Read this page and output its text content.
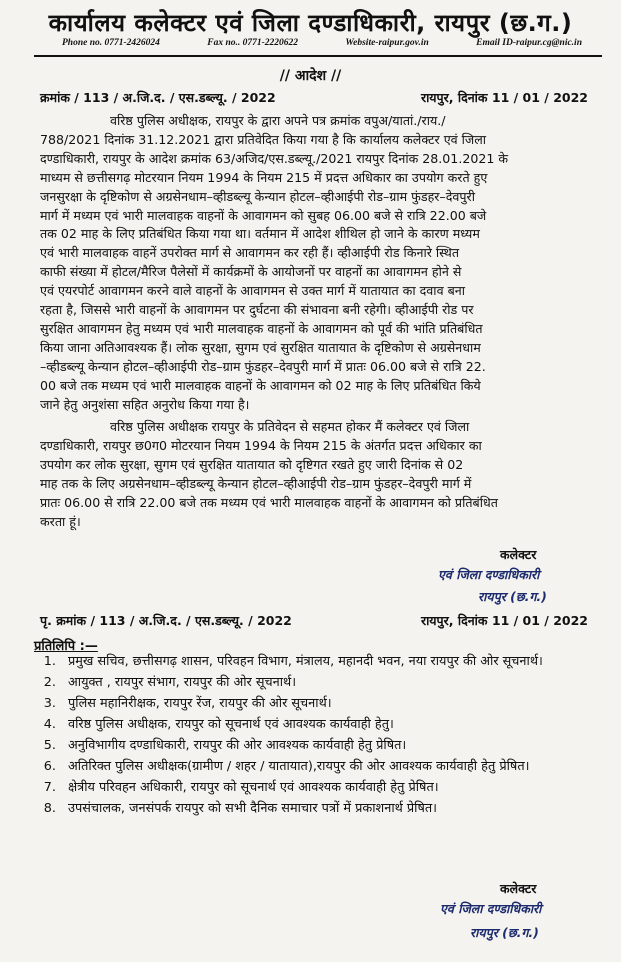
कार्यालय कलेक्टर एवं जिला दण्डाधिकारी, रायपुर (छ.ग.)
Phone no. 0771-2426024	Fax no.. 0771-2220622	Website-raipur.gov.in	Email ID-raipur.cg@nic.in
// आदेश //
क्रमांक / 113 / अ.जि.द. / एस.डब्ल्यू. / 2022	रायपुर, दिनांक 11 / 01 / 2022
वरिष्ठ पुलिस अधीक्षक, रायपुर के द्वारा अपने पत्र क्रमांक वपुअ/यातां./राय./
788/2021 दिनांक 31.12.2021 द्वारा प्रतिवेदित किया गया है कि कार्यालय कलेक्टर एवं जिला
दण्डाधिकारी, रायपुर के आदेश क्रमांक 63/अजिद/एस.डब्ल्यू./2021 रायपुर दिनांक 28.01.2021 के
माध्यम से छत्तीसगढ़ मोटरयान नियम 1994 के नियम 215 में प्रदत्त अधिकार का उपयोग करते हुए
जनसुरक्षा के दृष्टिकोण से अग्रसेनधाम–व्हीडब्ल्यू केन्यान होटल–व्हीआईपी रोड–ग्राम फुंडहर–देवपुरी
मार्ग में मध्यम एवं भारी मालवाहक वाहनों के आवागमन को सुबह 06.00 बजे से रात्रि 22.00 बजे
तक 02 माह के लिए प्रतिबंधित किया गया था। वर्तमान में आदेश शीथिल हो जाने के कारण मध्यम
एवं भारी मालवाहक वाहनें उपरोक्त मार्ग से आवागमन कर रही हैं। व्हीआईपी रोड किनारे स्थित
काफी संख्या में होटल/मैरिज पैलेसों में कार्यक्रमों के आयोजनों पर वाहनों का आवागमन होने से
एवं एयरपोर्ट आवागमन करने वाले वाहनों के आवागमन से उक्त मार्ग में यातायात का दवाव बना
रहता है, जिससे भारी वाहनों के आवागमन पर दुर्घटना की संभावना बनी रहेगी। व्हीआईपी रोड पर
सुरक्षित आवागमन हेतु मध्यम एवं भारी मालवाहक वाहनों के आवागमन को पूर्व की भांति प्रतिबंधित
किया जाना अतिआवश्यक हैं। लोक सुरक्षा, सुगम एवं सुरक्षित यातायात के दृष्टिकोण से अग्रसेनधाम
–व्हीडब्ल्यू केन्यान होटल–व्हीआईपी रोड–ग्राम फुंडहर–देवपुरी मार्ग में प्रातः 06.00 बजे से रात्रि 22.
00 बजे तक मध्यम एवं भारी मालवाहक वाहनों के आवागमन को 02 माह के लिए प्रतिबंधित किये
जाने हेतु अनुशंसा सहित अनुरोध किया गया है।
वरिष्ठ पुलिस अधीक्षक रायपुर के प्रतिवेदन से सहमत होकर मैं कलेक्टर एवं जिला
दण्डाधिकारी, रायपुर छ0ग0 मोटरयान नियम 1994 के नियम 215 के अंतर्गत प्रदत्त अधिकार का
उपयोग कर लोक सुरक्षा, सुगम एवं सुरक्षित यातायात को दृष्टिगत रखते हुए जारी दिनांक से 02
माह तक के लिए अग्रसेनधाम–व्हीडब्ल्यू केन्यान होटल–व्हीआईपी रोड–ग्राम फुंडहर–देवपुरी मार्ग में
प्रातः 06.00 से रात्रि 22.00 बजे तक मध्यम एवं भारी मालवाहक वाहनों के आवागमन को प्रतिबंधित
करता हूं।
कलेक्टर
एवं जिला दण्डाधिकारी
रायपुर (छ.ग.)
पृ. क्रमांक / 113 / अ.जि.द. / एस.डब्ल्यू. / 2022	रायपुर, दिनांक 11 / 01 / 2022
प्रतिलिपि :—
1. प्रमुख सचिव, छत्तीसगढ़ शासन, परिवहन विभाग, मंत्रालय, महानदी भवन, नया रायपुर की ओर सूचनार्थ।
2. आयुक्त , रायपुर संभाग, रायपुर की ओर सूचनार्थ।
3. पुलिस महानिरीक्षक, रायपुर रेंज, रायपुर की ओर सूचनार्थ।
4. वरिष्ठ पुलिस अधीक्षक, रायपुर को सूचनार्थ एवं आवश्यक कार्यवाही हेतु।
5. अनुविभागीय दण्डाधिकारी, रायपुर की ओर आवश्यक कार्यवाही हेतु प्रेषित।
6. अतिरिक्त पुलिस अधीक्षक(ग्रामीण / शहर / यातायात),रायपुर की ओर आवश्यक कार्यवाही हेतु प्रेषित।
7. क्षेत्रीय परिवहन अधिकारी, रायपुर को सूचनार्थ एवं आवश्यक कार्यवाही हेतु प्रेषित।
8. उपसंचालक, जनसंपर्क रायपुर को सभी दैनिक समाचार पत्रों में प्रकाशनार्थ प्रेषित।
कलेक्टर
एवं जिला दण्डाधिकारी
रायपुर (छ.ग.)
